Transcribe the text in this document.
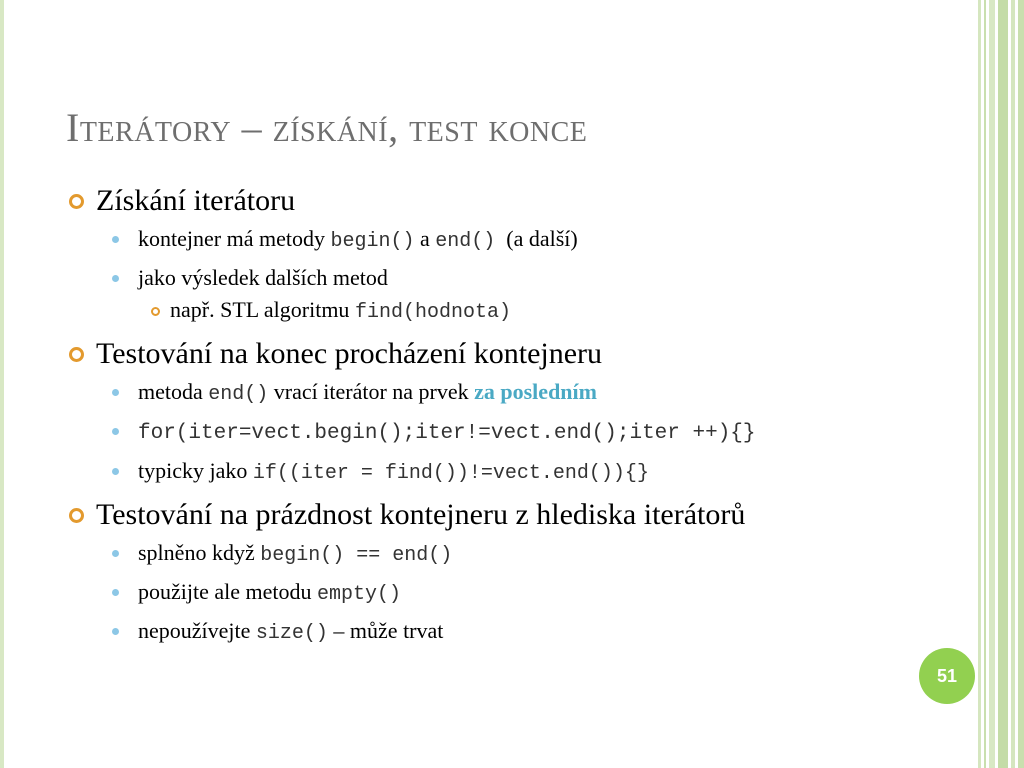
Iterátory – získání, test konce
Získání iterátoru
kontejner má metody begin() a end()  (a další)
jako výsledek dalších metod
např. STL algoritmu find(hodnota)
Testování na konec procházení kontejneru
metoda end() vrací iterátor na prvek za posledním
for(iter=vect.begin();iter!=vect.end();iter ++){}
typicky jako if((iter = find())!=vect.end()){}
Testování na prázdnost kontejneru z hlediska iterátorů
splněno když begin() == end()
použijte ale metodu empty()
nepoužívejte size() – může trvat
51
